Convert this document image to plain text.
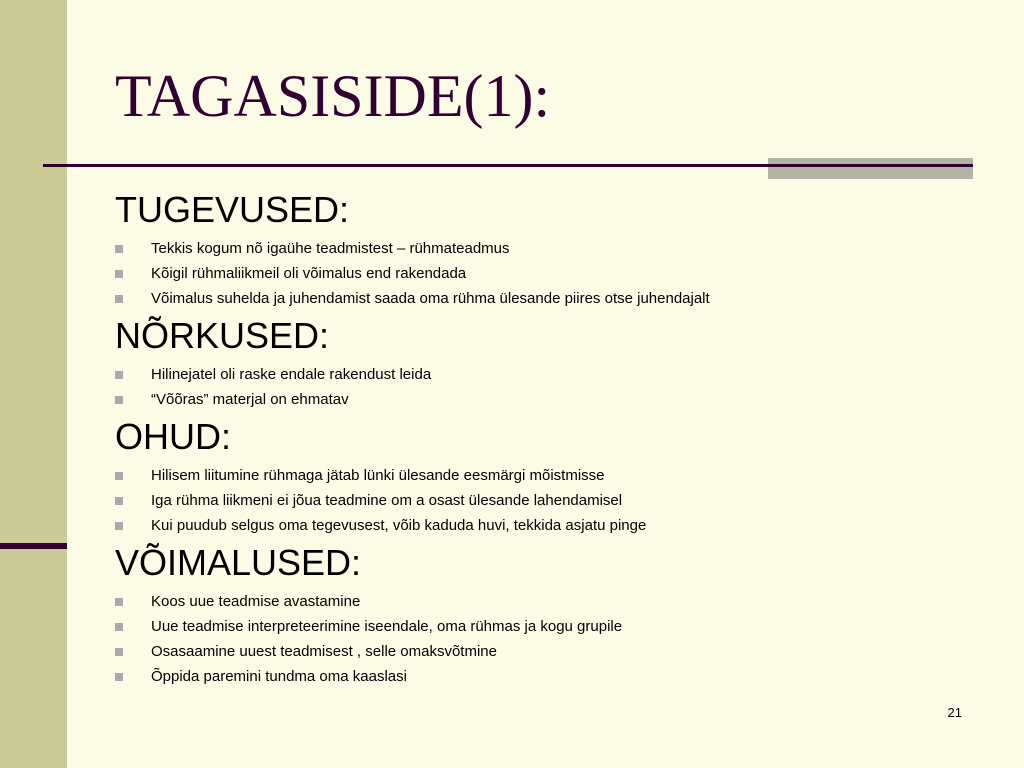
TAGASISIDE(1):
TUGEVUSED:
Tekkis kogum nõ igaühe teadmistest – rühmateadmus
Kõigil rühmaliikmeil oli võimalus end rakendada
Võimalus suhelda ja juhendamist saada oma rühma ülesande piires otse juhendajalt
NÕRKUSED:
Hilinejatel oli raske endale rakendust leida
“Võõras” materjal on ehmatav
OHUD:
Hilisem liitumine rühmaga jätab lünki ülesande eesmärgi mõistmisse
Iga rühma liikmeni ei jõua teadmine om a osast ülesande lahendamisel
Kui puudub selgus oma tegevusest, võib kaduda huvi, tekkida asjatu pinge
VÕIMALUSED:
Koos uue teadmise avastamine
Uue teadmise interpreteerimine iseendale, oma rühmas ja kogu grupile
Osasaamine uuest teadmisest , selle omaksvõtmine
Õppida paremini tundma oma kaaslasi
21
